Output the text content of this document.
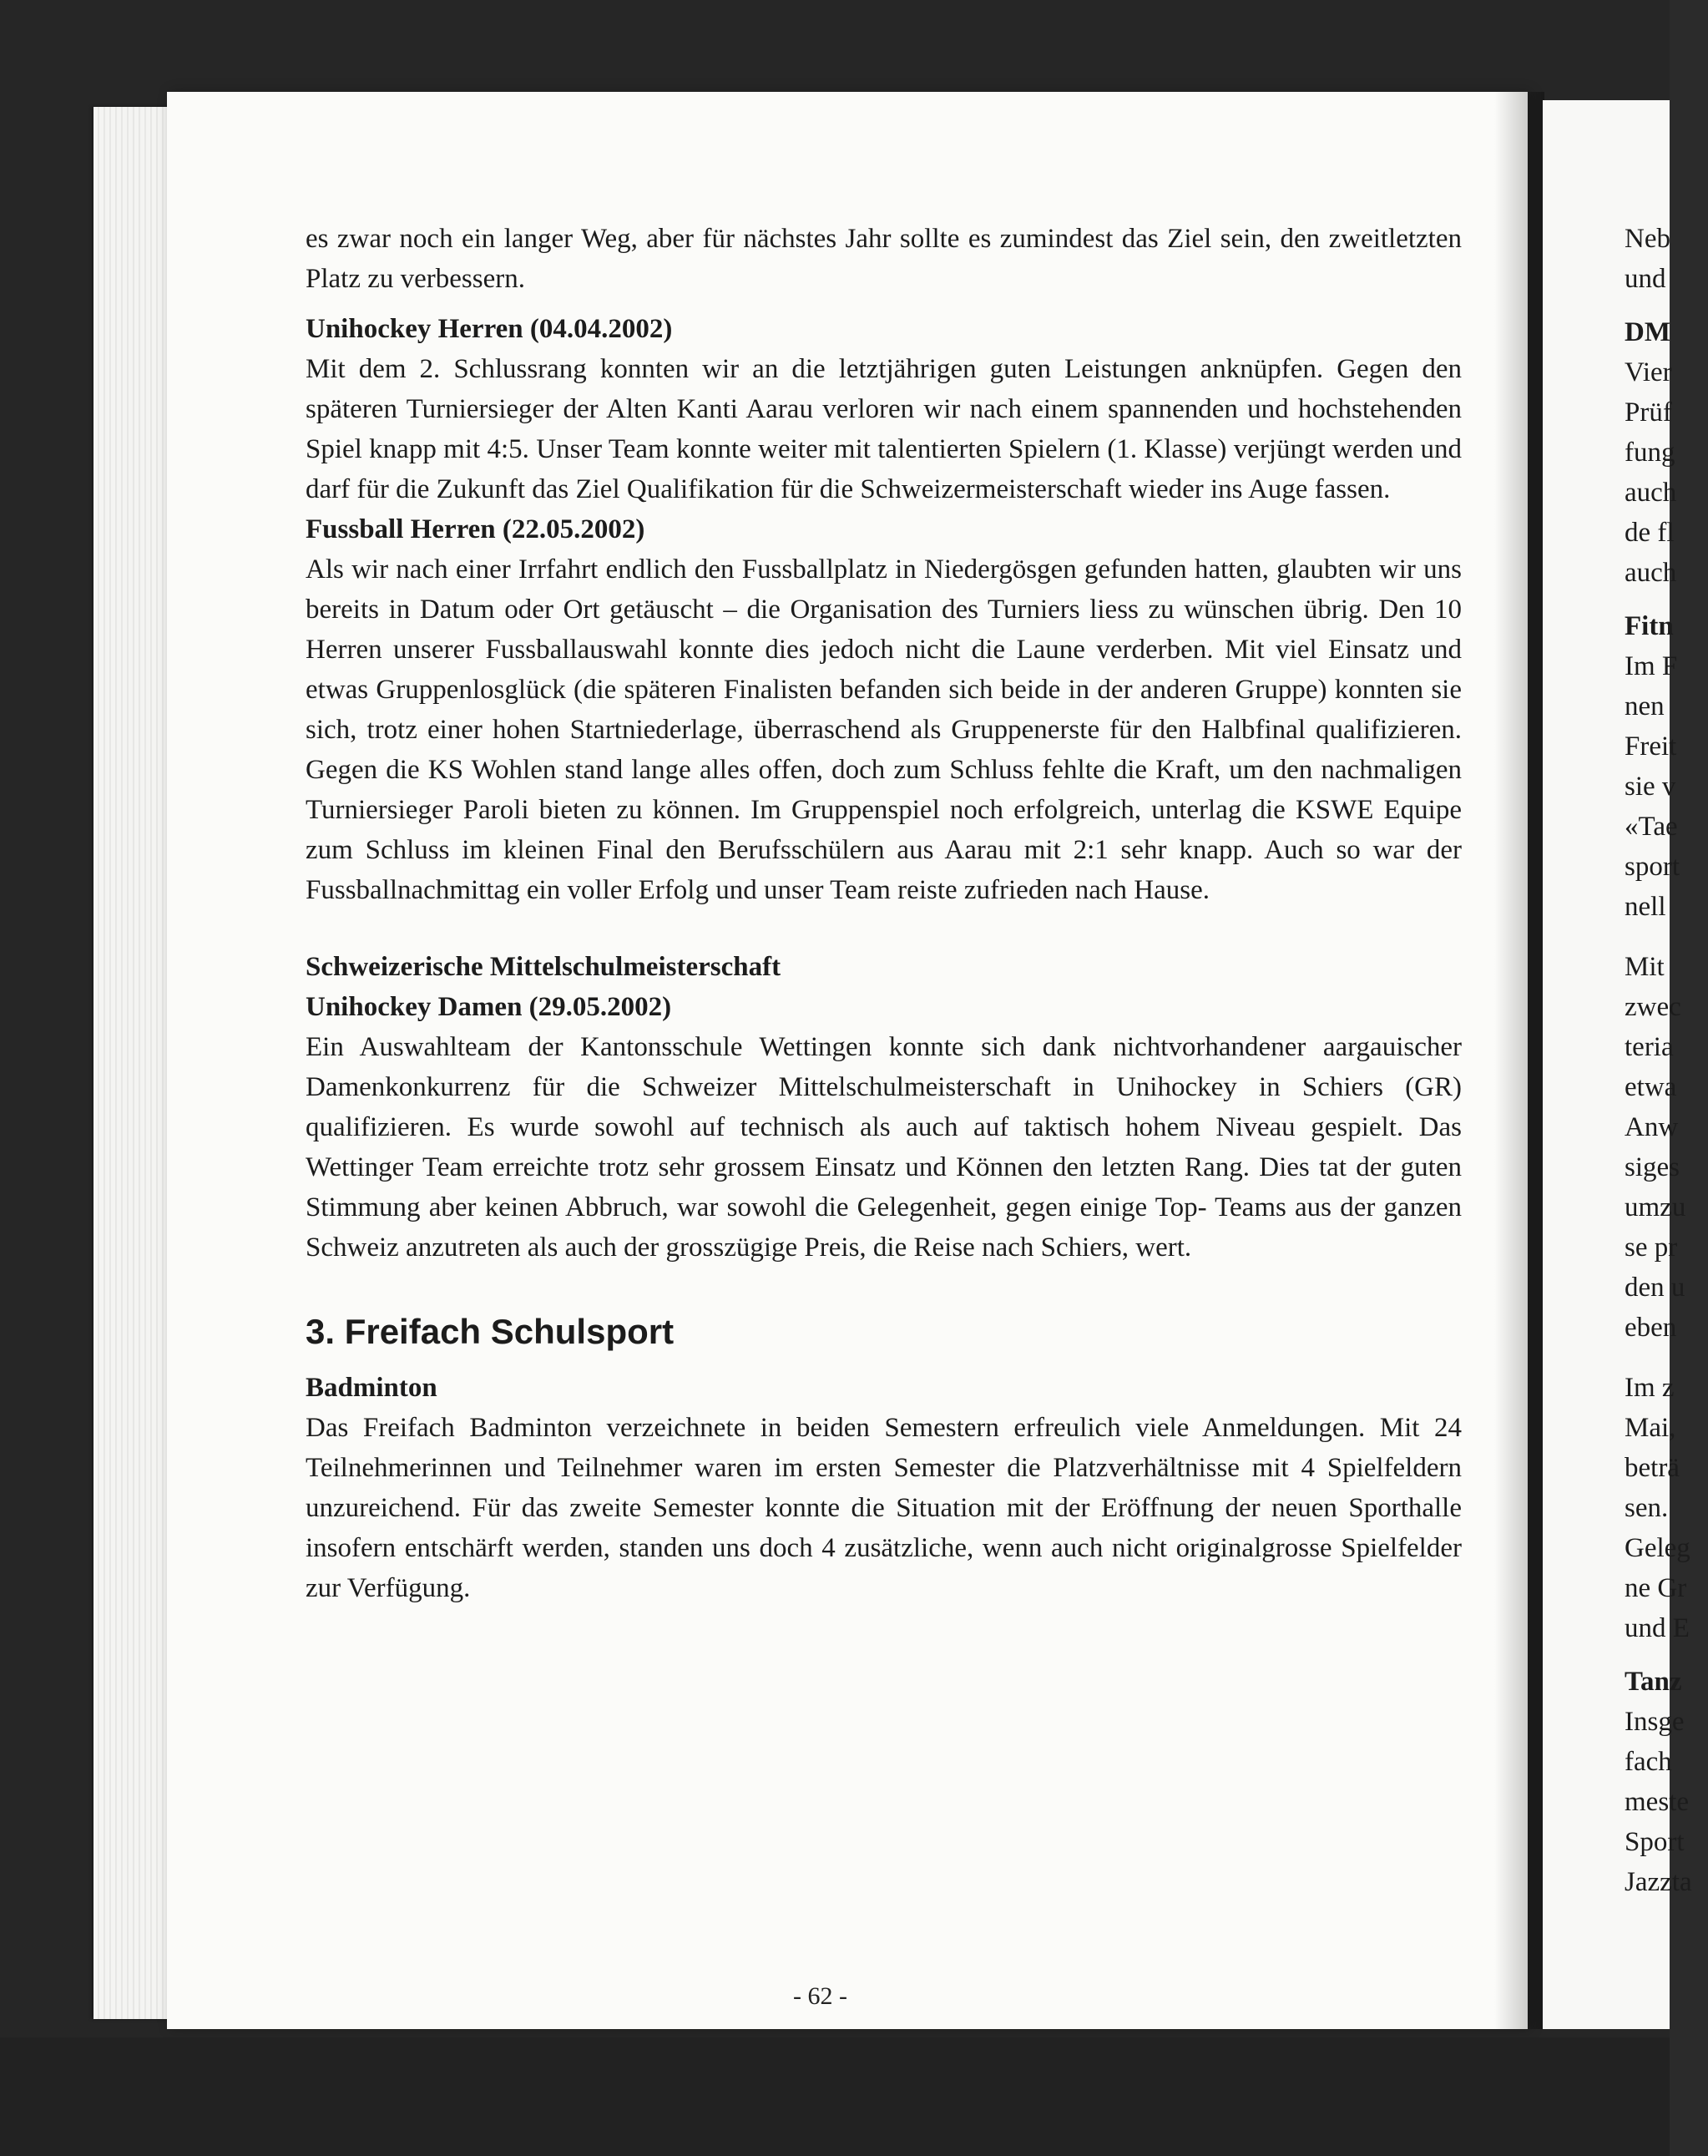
es zwar noch ein langer Weg, aber für nächstes Jahr sollte es zumindest das Ziel sein, den zweitletzten Platz zu verbessern.

Unihockey Herren (04.04.2002)

Mit dem 2. Schlussrang konnten wir an die letztjährigen guten Leistungen anknüpfen. Gegen den späteren Turniersieger der Alten Kanti Aarau verloren wir nach einem spannenden und hochstehenden Spiel knapp mit 4:5. Unser Team konnte weiter mit talentierten Spielern (1. Klasse) verjüngt werden und darf für die Zukunft das Ziel Qualifikation für die Schweizermeisterschaft wieder ins Auge fassen.

Fussball Herren (22.05.2002)

Als wir nach einer Irrfahrt endlich den Fussballplatz in Niedergösgen gefunden hatten, glaubten wir uns bereits in Datum oder Ort getäuscht – die Organisation des Turniers liess zu wünschen übrig. Den 10 Herren unserer Fussballauswahl konnte dies jedoch nicht die Laune verderben. Mit viel Einsatz und etwas Gruppenlosglück (die späteren Finalisten befanden sich beide in der anderen Gruppe) konnten sie sich, trotz einer hohen Startniederlage, überraschend als Gruppenerste für den Halbfinal qualifizieren. Gegen die KS Wohlen stand lange alles offen, doch zum Schluss fehlte die Kraft, um den nachmaligen Turniersieger Paroli bieten zu können. Im Gruppenspiel noch erfolgreich, unterlag die KSWE Equipe zum Schluss im kleinen Final den Berufsschülern aus Aarau mit 2:1 sehr knapp. Auch so war der Fussballnachmittag ein voller Erfolg und unser Team reiste zufrieden nach Hause.

Schweizerische Mittelschulmeisterschaft

Unihockey Damen (29.05.2002)

Ein Auswahlteam der Kantonsschule Wettingen konnte sich dank nichtvorhandener aargauischer Damenkonkurrenz für die Schweizer Mittelschulmeisterschaft in Unihockey in Schiers (GR) qualifizieren. Es wurde sowohl auf technisch als auch auf taktisch hohem Niveau gespielt. Das Wettinger Team erreichte trotz sehr grossem Einsatz und Können den letzten Rang. Dies tat der guten Stimmung aber keinen Abbruch, war sowohl die Gelegenheit, gegen einige Top- Teams aus der ganzen Schweiz anzutreten als auch der grosszügige Preis, die Reise nach Schiers, wert.

3. Freifach Schulsport

Badminton

Das Freifach Badminton verzeichnete in beiden Semestern erfreulich viele Anmeldungen. Mit 24 Teilnehmerinnen und Teilnehmer waren im ersten Semester die Platzverhältnisse mit 4 Spielfeldern unzureichend. Für das zweite Semester konnte die Situation mit der Eröffnung der neuen Sporthalle insofern entschärft werden, standen uns doch 4 zusätzliche, wenn auch nicht originalgrosse Spielfelder zur Verfügung.

- 62 -
Neb
und
DM
Vier
Prüf
fung
auch
de fl
auch
Fitn
Im F
nen
Freit
sie v
«Tae
sport
nell
Mit
zwec
teria
etwa
Anw
siges
umzu
se pr
den u
eben
Im z
Mai,
beträ
sen.
Geleg
ne Gr
und E
Tanz
Insge
fach
meste
Sport
Jazzta
